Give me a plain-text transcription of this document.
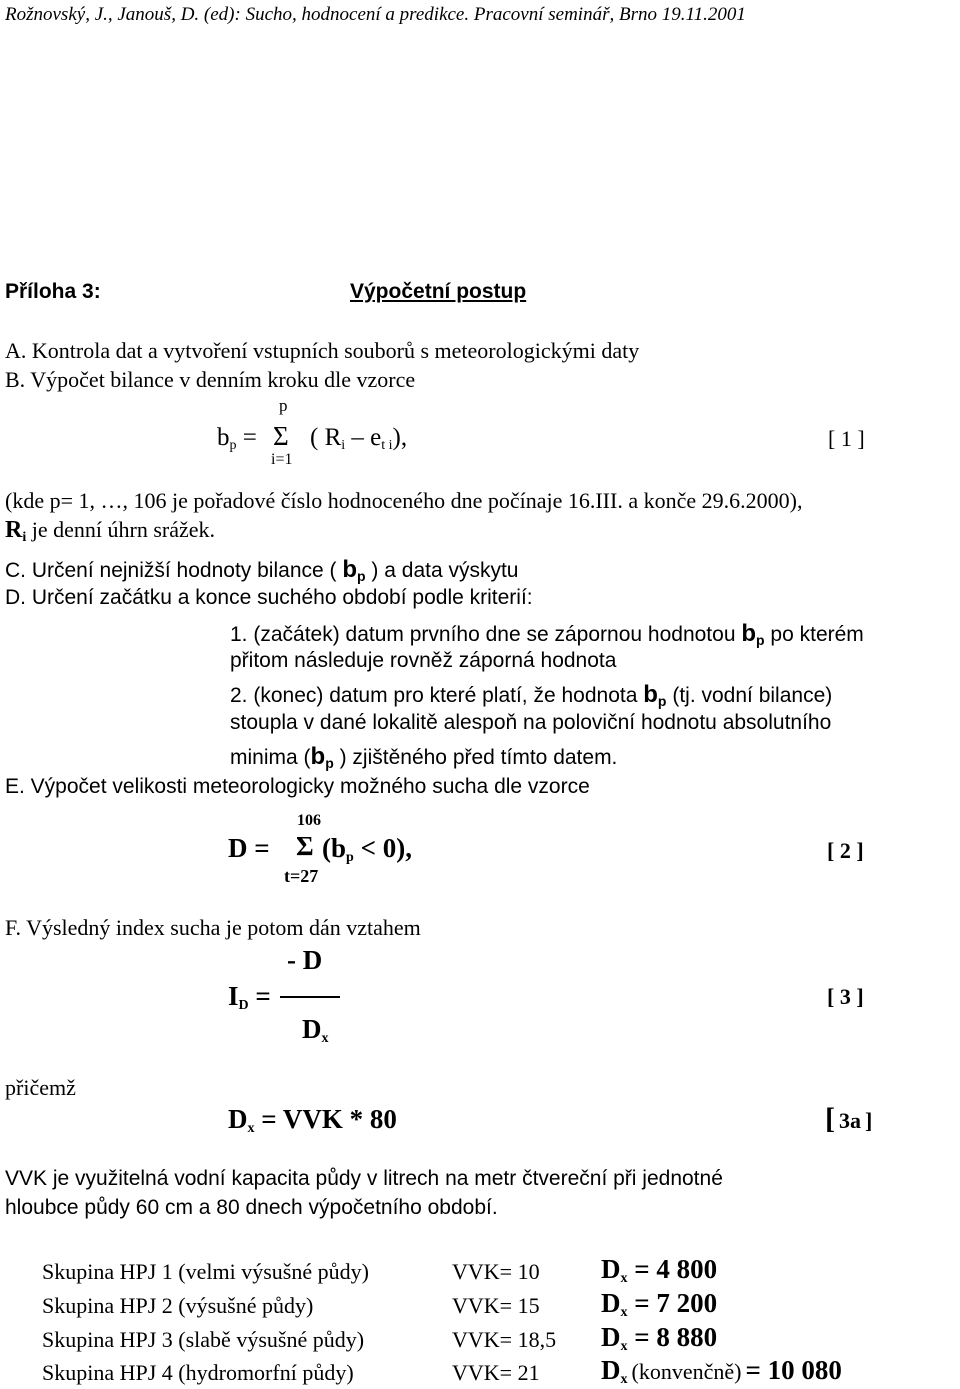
Rožnovský, J., Janouš, D. (ed): Sucho, hodnocení a predikce. Pracovní seminář, Brno 19.11.2001
Příloha 3:	Výpočetní postup
A. Kontrola dat a vytvoření vstupních souborů s meteorologickými daty
B. Výpočet bilance v denním kroku dle vzorce
p
$b_p = \Sigma$ ( $R_i - e_{t i}$),
i=1
[ 1 ]
(kde p= 1, …, 106 je pořadové číslo hodnoceného dne počínaje 16.III. a konče 29.6.2000),
$R_i$ je denní úhrn srážek.
C. Určení nejnižší hodnoty bilance ( $b_p$ ) a data výskytu
D. Určení začátku a konce suchého období podle kriterií:
1. (začátek) datum prvního dne se zápornou hodnotou $b_p$ po kterém
přitom následuje rovněž záporná hodnota
2. (konec) datum pro které platí, že hodnota $b_p$ (tj. vodní bilance)
stoupla v dané lokalitě alespoň na poloviční hodnotu absolutního
minima ($b_p$ ) zjištěného před tímto datem.
E. Výpočet velikosti meteorologicky možného sucha dle vzorce
106
D = Σ $(b_p < 0)$,
t=27
[ 2 ]
F. Výsledný index sucha je potom dán vztahem
- D
$I_D$ =
$D_x$
[ 3 ]
přičemž
$D_x$ = VVK * 80	[ 3a ]
VVK je využitelná vodní kapacita půdy v litrech na metr čtvereční při jednotné
hloubce půdy 60 cm a 80 dnech výpočetního období.
Skupina HPJ 1 (velmi výsušné půdy)	VVK= 10 $D_x = 4$ 800
Skupina HPJ 2 (výsušné půdy)	VVK= 15 $D_x = 7$ 200
Skupina HPJ 3 (slabě výsušné půdy)	VVK= 18,5 $D_x = 8$ 880
Skupina HPJ 4 (hydromorfní půdy)	VVK= 21 $D_x$ (konvenčně) = 10 080
